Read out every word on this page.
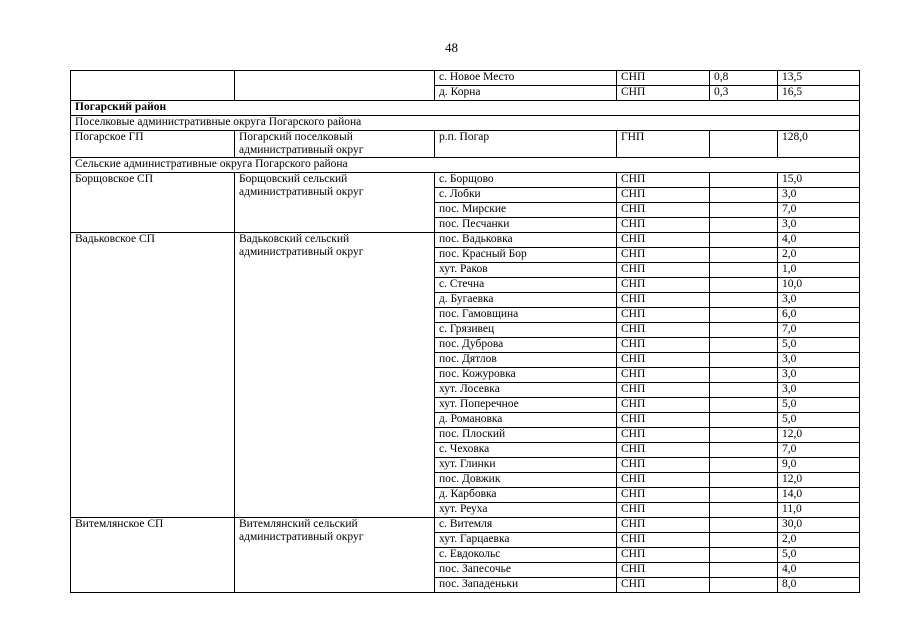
48
		с. Новое Место	СНП	0,8	13,5
		д. Корна	СНП	0,3	16,5
Погарский район					
Поселковые административные округа Погарского района					
Погарское ГП	Погарский поселковый административный округ	р.п. Погар	ГНП		128,0
Сельские административные округа Погарского района					
Борщовское СП	Борщовский сельский административный округ	с. Борщово	СНП		15,0
		с. Лобки	СНП		3,0
		пос. Мирские	СНП		7,0
		пос. Песчанки	СНП		3,0
Вадьковское СП	Вадьковский сельский административный округ	пос. Вадьковка	СНП		4,0
		пос. Красный Бор	СНП		2,0
		хут. Раков	СНП		1,0
		с. Стечна	СНП		10,0
		д. Бугаевка	СНП		3,0
		пос. Гамовщина	СНП		6,0
		с. Грязивец	СНП		7,0
		пос. Дуброва	СНП		5,0
		пос. Дятлов	СНП		3,0
		пос. Кожуровка	СНП		3,0
		хут. Лосевка	СНП		3,0
		хут. Поперечное	СНП		5,0
		д. Романовка	СНП		5,0
		пос. Плоский	СНП		12,0
		с. Чеховка	СНП		7,0
		хут. Глинки	СНП		9,0
		пос. Довжик	СНП		12,0
		д. Карбовка	СНП		14,0
		хут. Реуха	СНП		11,0
Витемлянское СП	Витемлянский сельский административный округ	с. Витемля	СНП		30,0
		хут. Гарцаевка	СНП		2,0
		с. Евдокольс	СНП		5,0
		пос. Запесочье	СНП		4,0
		пос. Западеньки	СНП		8,0
